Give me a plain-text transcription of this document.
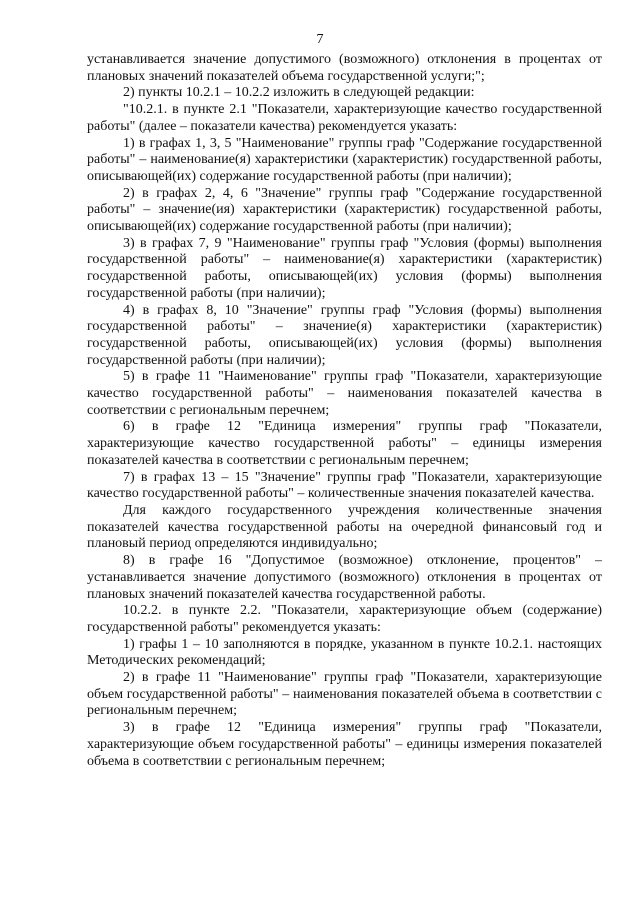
7

устанавливается значение допустимого (возможного) отклонения в процентах от плановых значений показателей объема государственной услуги;";

2) пункты 10.2.1 – 10.2.2 изложить в следующей редакции:

"10.2.1. в пункте 2.1 "Показатели, характеризующие качество государственной работы" (далее – показатели качества) рекомендуется указать:

1) в графах 1, 3, 5 "Наименование" группы граф "Содержание государственной работы" – наименование(я) характеристики (характеристик) государственной работы, описывающей(их) содержание государственной работы (при наличии);

2) в графах 2, 4, 6 "Значение" группы граф "Содержание государственной работы" – значение(ия) характеристики (характеристик) государственной работы, описывающей(их) содержание государственной работы (при наличии);

3) в графах 7, 9 "Наименование" группы граф "Условия (формы) выполнения государственной работы" – наименование(я) характеристики (характеристик) государственной работы, описывающей(их) условия (формы) выполнения государственной работы (при наличии);

4) в графах 8, 10 "Значение" группы граф "Условия (формы) выполнения государственной работы" – значение(я) характеристики (характеристик) государственной работы, описывающей(их) условия (формы) выполнения государственной работы (при наличии);

5) в графе 11 "Наименование" группы граф "Показатели, характеризующие качество государственной работы" – наименования показателей качества в соответствии с региональным перечнем;

6) в графе 12 "Единица измерения" группы граф "Показатели, характеризующие качество государственной работы" – единицы измерения показателей качества в соответствии с региональным перечнем;

7) в графах 13 – 15 "Значение" группы граф "Показатели, характеризующие качество государственной работы" – количественные значения показателей качества.

Для каждого государственного учреждения количественные значения показателей качества государственной работы на очередной финансовый год и плановый период определяются индивидуально;

8) в графе 16 "Допустимое (возможное) отклонение, процентов" – устанавливается значение допустимого (возможного) отклонения в процентах от плановых значений показателей качества государственной работы.

10.2.2. в пункте 2.2. "Показатели, характеризующие объем (содержание) государственной работы" рекомендуется указать:

1) графы 1 – 10 заполняются в порядке, указанном в пункте 10.2.1. настоящих Методических рекомендаций;

2) в графе 11 "Наименование" группы граф "Показатели, характеризующие объем государственной работы" – наименования показателей объема в соответствии с региональным перечнем;

3) в графе 12 "Единица измерения" группы граф "Показатели, характеризующие объем государственной работы" – единицы измерения показателей объема в соответствии с региональным перечнем;
